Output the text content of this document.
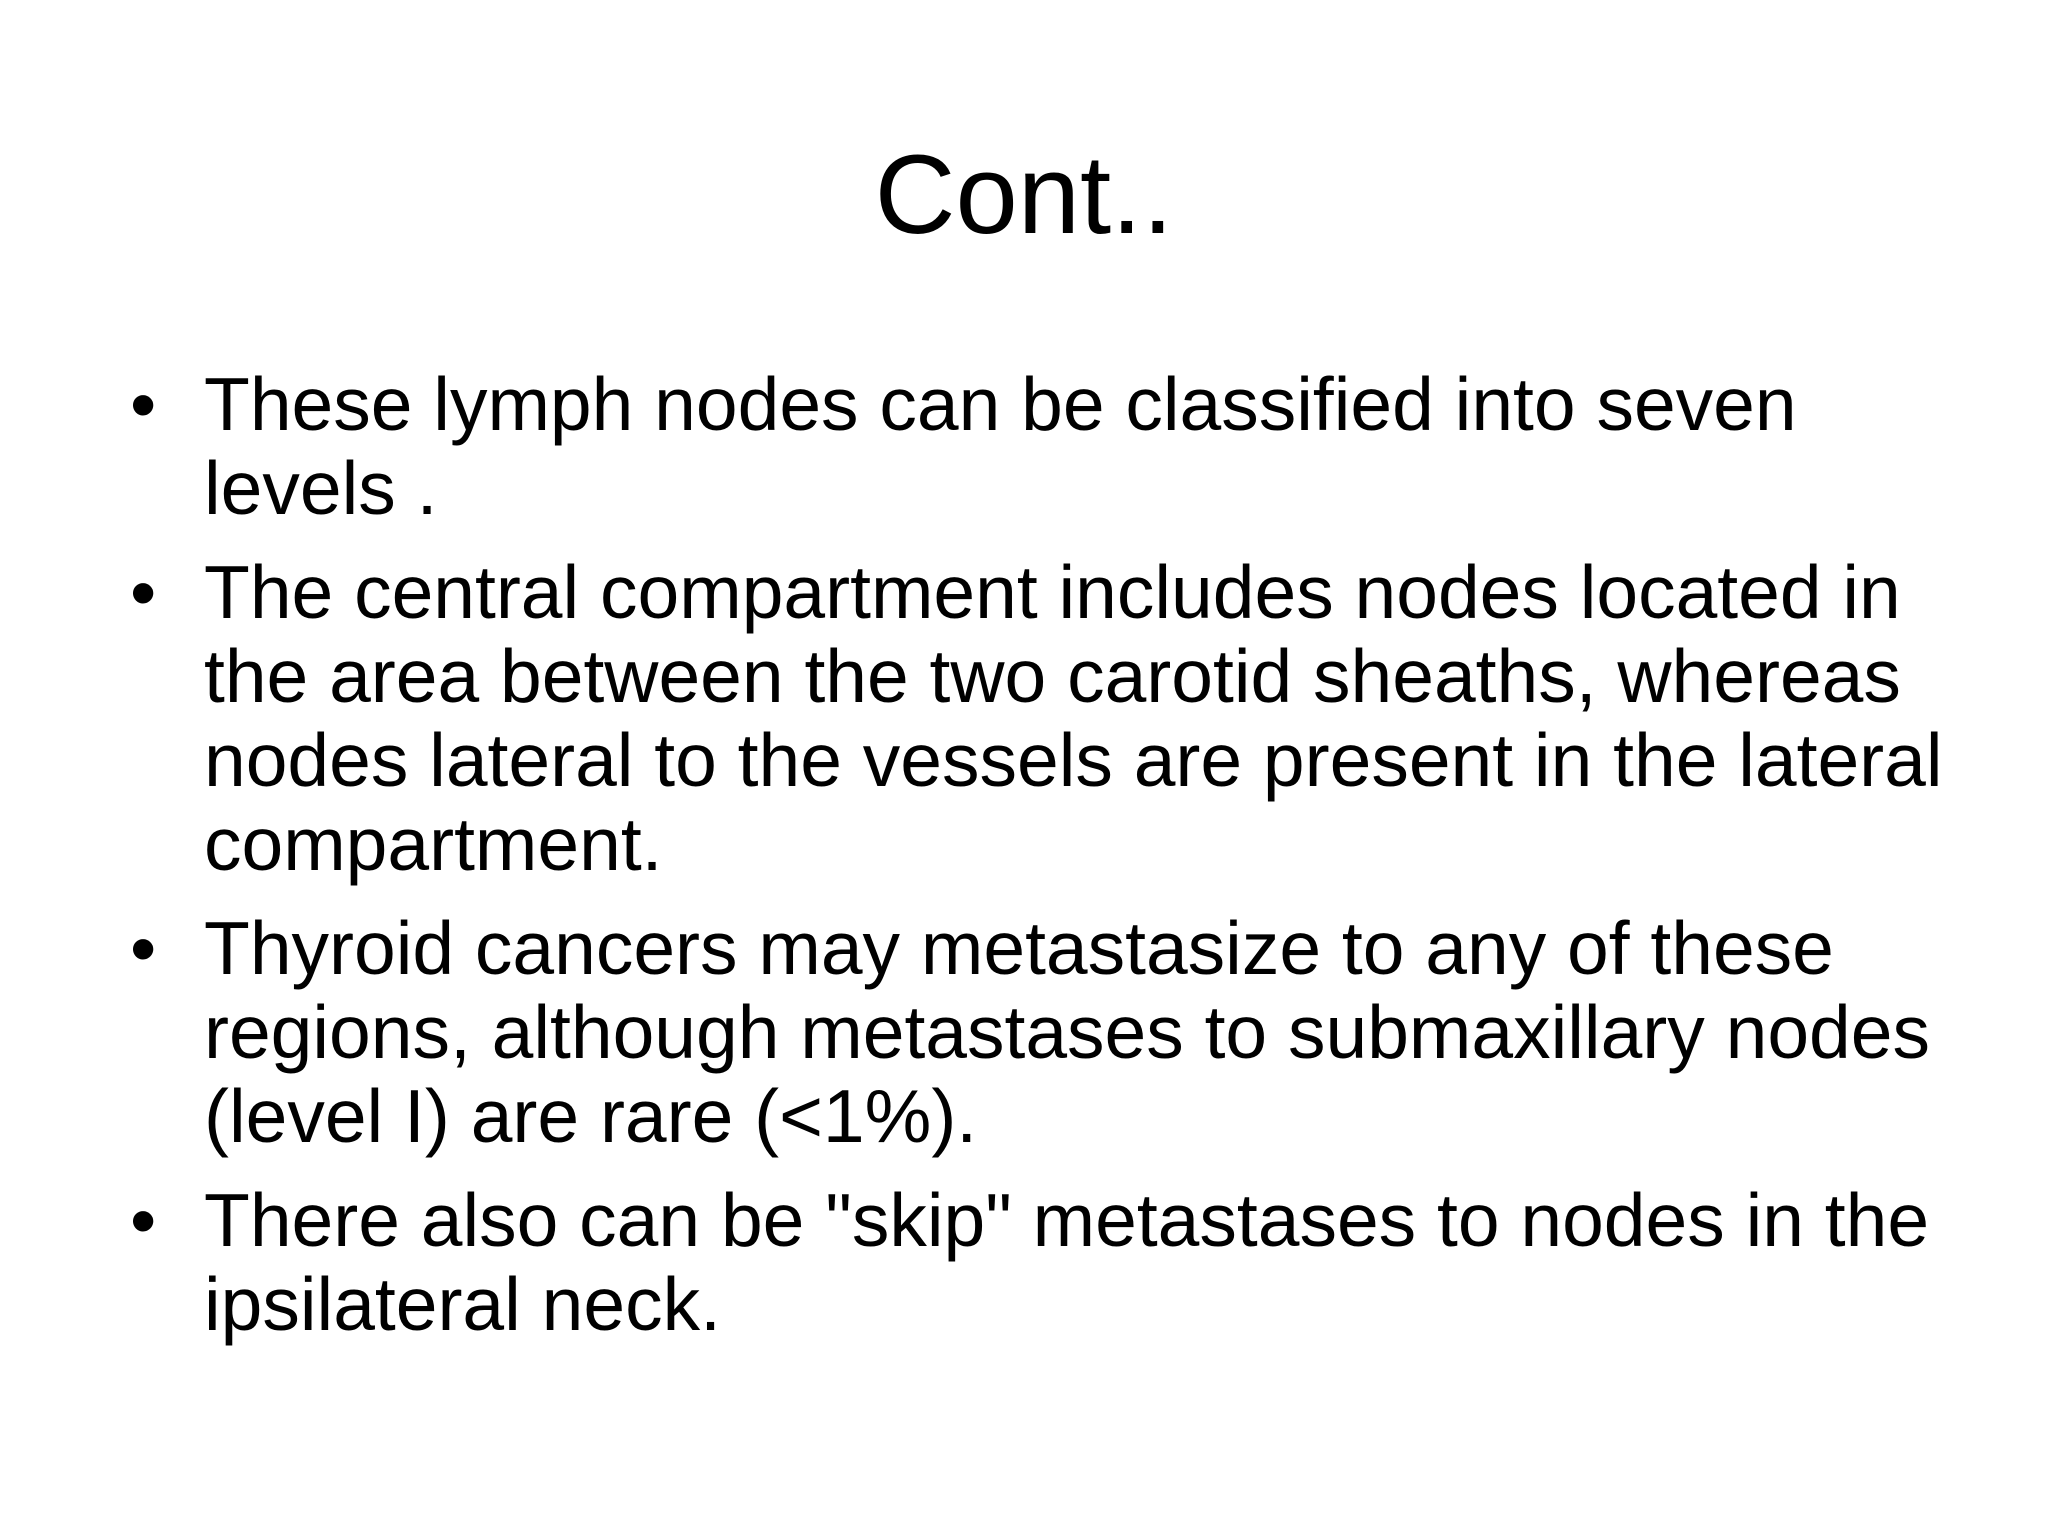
Cont..
• These lymph nodes can be classified into seven levels .
• The central compartment includes nodes located in the area between the two carotid sheaths, whereas nodes lateral to the vessels are present in the lateral compartment.
• Thyroid cancers may metastasize to any of these regions, although metastases to submaxillary nodes (level I) are rare (<1%).
• There also can be "skip" metastases to nodes in the ipsilateral neck.
